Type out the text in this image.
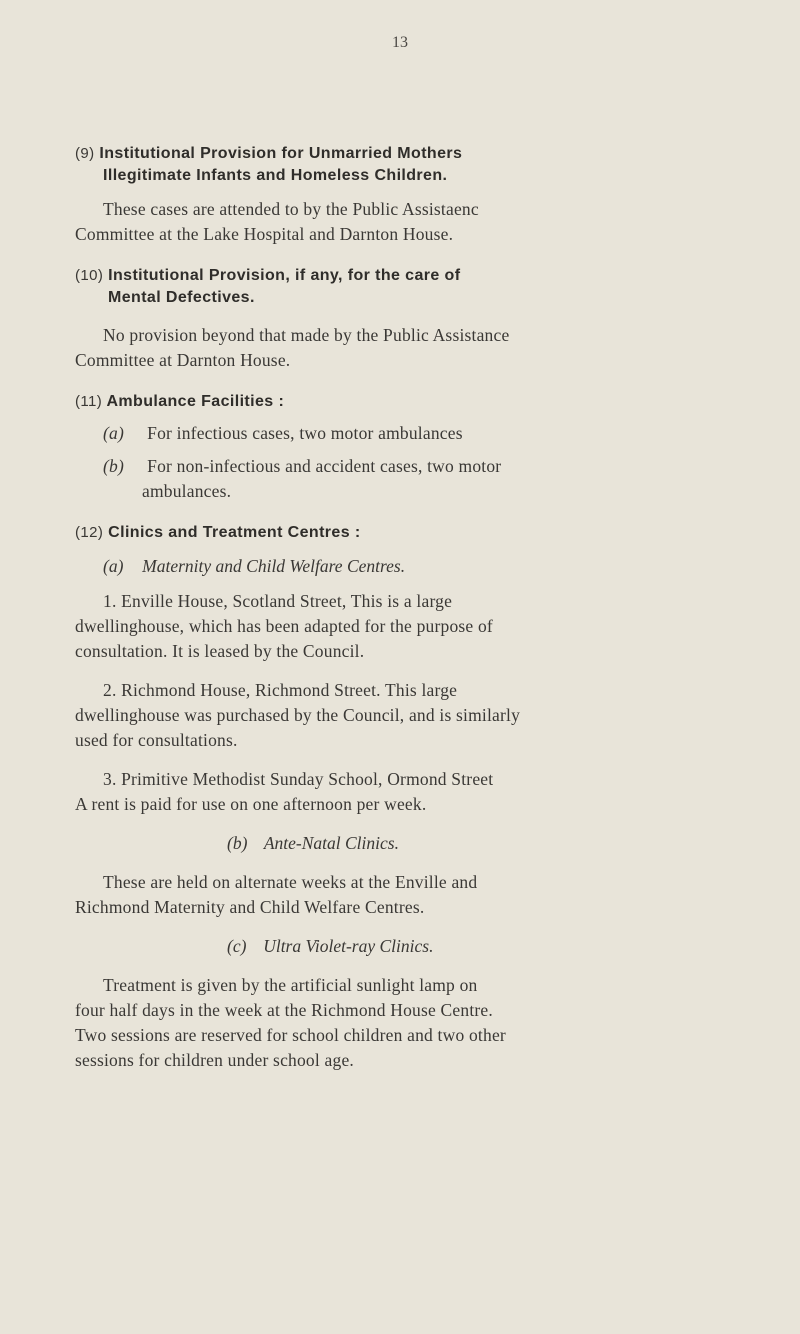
13

(9) Institutional Provision for Unmarried Mothers

Illegitimate Infants and Homeless Children.

These cases are attended to by the Public Assistaenc

Committee at the Lake Hospital and Darnton House.

(10) Institutional Provision, if any, for the care of

Mental Defectives.

No provision beyond that made by the Public Assistance

Committee at Darnton House.

(11) Ambulance Facilities :

(a) For infectious cases, two motor ambulances

(b) For non-infectious and accident cases, two motor

ambulances.

(12) Clinics and Treatment Centres :

(a) Maternity and Child Welfare Centres.

1. Enville House, Scotland Street, This is a large

dwellinghouse, which has been adapted for the purpose of

consultation. It is leased by the Council.

2. Richmond House, Richmond Street. This large

dwellinghouse was purchased by the Council, and is similarly

used for consultations.

3. Primitive Methodist Sunday School, Ormond Street

A rent is paid for use on one afternoon per week.

(b) Ante-Natal Clinics.

These are held on alternate weeks at the Enville and

Richmond Maternity and Child Welfare Centres.

(c) Ultra Violet-ray Clinics.

Treatment is given by the artificial sunlight lamp on

four half days in the week at the Richmond House Centre.

Two sessions are reserved for school children and two other

sessions for children under school age.
